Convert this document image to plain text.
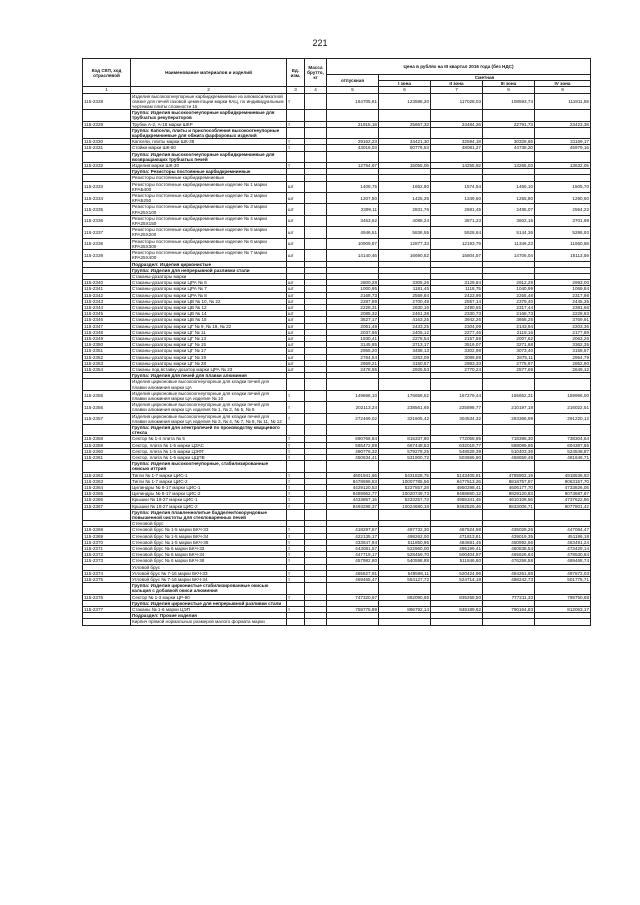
221
Код СКП, ход отраслевой	Наименование материалов и изделий	Ед. изм.	Масса брутто, кг	Цена в рублях на III квартал 2016 года (без НДС)				
				отпускная	Сметная			
					I зона	II зона	III зона	IV зона
1	2	3	4	5	6	7	8	9
115-2328	Изделия высокоогнеупорные карбидкремниевые из алюмосиликатной связке для печей газовой цементации марки КАЦ, по индивидуальным чертежам плиты сложности 15	т		164705,81	123588,20	117028,03	108593,74	111911,58
	Группа: Изделия высокоогнеупорные карбидкремниевые для трубчатых рекуператоров							
115-2329	Трубки А-2, А-18 марки ШКР	т		21915,18	25667,32	24484,26	22791,73	23423,38
	Группа: Капсели, плиты и приспособления высокоогнеупорные карбидкремниевые для обжига фарфоровых изделий							
115-2330	Капсели, плиты марки ШК-38	т		29162,23	34421,30	32594,18	30328,65	31169,17
115-2331	Стойки марки ШК-50	т		43016,03	50776,53	48081,27	44738,20	45979,16
	Группа: Изделия высокоогнеупорные карбидкремниевые для возвращающих трубчатых печей							
115-2332	Изделия марки ШК-30	т		12754,67	15055,05	14255,92	13265,03	13632,05
	Группа: Резисторы постоянные карбидкремниевые							
	Резисторы постоянные карбидкремниевые							
115-2333	Резисторы постоянные карбидкремниевые изделие № 1 марки КРАБ400	шт		1408,75	1662,80	1574,54	1465,10	1505,70
115-2334	Резисторы постоянные карбидкремниевые изделие № 2 марки КРАБ250	шт		1207,50	1425,26	1349,60	1255,80	1290,60
115-2335	Резисторы постоянные карбидкремниевые изделие № 3 марки КРА25Х100	шт		2399,11	2831,76	2681,45	2495,07	2564,22
115-2336	Резисторы постоянные карбидкремниевые изделие № 4 марки КРА25Х150	шт		3453,62	4088,24	3871,23	3602,15	3701,98
115-2337	Резисторы постоянные карбидкремниевые изделие № 5 марки КРА25Х200	шт		4946,51	5836,55	5528,64	5144,36	5286,93
115-2338	Резисторы постоянные карбидкремниевые изделие № 6 марки КРА25Х300	шт		10909,87	12877,33	12193,79	11346,23	11660,68
115-2339	Резисторы постоянные карбидкремниевые изделие № 7 марки КРА25Х400	шт		14140,46	16690,52	15804,57	14706,04	15113,59
	Подраздел: Изделия цирконистые							
	Группа: Изделия для непрерывной разливки стали							
	Стаканы-дозаторы марки							
115-2340	Стаканы-дозаторы марки ЦРА № 6	шт		2800,28	3305,26	3129,84	2912,29	2993,00
115-2341	Стаканы-дозаторы марки ЦРА № 7	шт		1000,95	1181,45	1118,75	1040,99	1069,84
115-2342	Стаканы-дозаторы марки ЦРА № 8	шт		2168,73	2559,84	2423,96	2255,48	2317,98
115-2343	Стаканы-дозаторы марки ЦВ № 10, № 22	шт		2287,89	2700,49	2557,14	2379,40	2445,35
115-2344	Стаканы-дозаторы марки ЦВ № 12	шт		2228,31	2630,16	2490,55	2317,44	2381,66
115-2345	Стаканы-дозаторы марки ЦВ № 14	шт		2085,32	2461,38	2330,73	2168,73	2228,83
115-2346	Стаканы-дозаторы марки ЦВ № 15	шт		3527,17	4163,25	3942,26	3668,25	3769,91
115-2347	Стаканы-дозаторы марки ЦГ № 9, № 18, № 22	шт		2061,49	2433,25	2304,09	2143,94	2203,36
115-2348	Стаканы-дозаторы марки ЦГ № 11	шт		2037,66	2405,12	2277,46	2119,16	2177,89
115-2349	Стаканы-дозаторы марки ЦГ № 13	шт		1930,41	2278,54	2157,59	2007,62	2063,26
115-2350	Стаканы-дозаторы марки ЦГ № 15	шт		3145,85	3713,17	3516,07	3271,68	3362,35
115-2351	Стаканы-дозаторы марки ЦГ № 17	шт		2955,20	3488,13	3302,98	3073,40	3158,57
115-2352	Стаканы-дозаторы марки ЦГ № 19	шт		2764,54	3263,09	3089,89	2875,11	2954,79
115-2353	Стаканы-дозаторы марки ЦГ № 28	шт		2669,21	3150,57	2983,33	2775,97	2852,90
115-2354	Стаканы под вставку-дозатор марки ЦРА № 23	шт		2478,55	2925,53	2770,24	2577,69	2649,12
	Группа: Изделия для печей для плавки алюминия							
	Изделия цирконовые высокоогнеупорные для кладки печей для плавки алюминия марки ЦА							
115-2355	Изделия цирконовые высокоогнеупорные для кладки печей для плавки алюминия марки ЦА изделие № 10	т		149666,10	176658,52	167279,44	155652,31	159966,00
115-2356	Изделия цирконовые высокоогнеупорные для кладки печей для плавки алюминия марки ЦА изделия № 1, № 2, № 5, № 6	т		202113,24	238561,65	225898,77	210197,18	216022,51
115-2357	Изделия цирконовые высокоогнеупорные для кладки печей для плавки алюминия марки ЦА изделия № 3, № 4, № 7, № 8, № 11, № 12	т		272469,02	321605,42	304534,32	283366,99	291220,12
	Группа: Изделия для электропечей по производству кварцевого стекла							
115-2358	Сектор № 1-4 плита № 5	т		690766,84	815337,80	772058,95	718395,30	738304,64
115-2359	Сектор, плита № 1-5 марки ЦЗАС	т		565472,59	667448,53	632019,77	588089,85	604387,86
115-2360	Сектор, плита № 1-5 марки ЦЭФГ	т		490776,32	579278,25	548529,39	510403,36	524548,87
115-2361	Сектор, плита № 1-5 марки ЦЦПВ	т		450634,41	531900,72	503666,90	468659,48	481646,71
	Группа: Изделия высокоогнеупорные, стабилизированные окисью иттрия							
115-2362	Тигли № 1-7 марки ЦИС-1	т		4601941,66	5431828,75	5143405,81	4785902,19	4918536,93
115-2363	Тигли № 1-7 марки ЦИС-2	т		8478698,53	10007785,56	9477513,26	8818757,87	9063157,70
115-2364	Цилиндры № 8-17 марки ЦИС-1	т		4429120,53	5227857,28	4950298,41	4606177,70	4733826,05
115-2365	Цилиндры № 8-17 марки ЦИС-2	т		8489962,77	10020749,73	9488860,12	8829120,83	9073687,87
115-2366	Крышки № 18-27 марки ЦИС-1	т		4433857,15	5233257,73	4955341,45	4610108,56	4737622,86
115-2367	Крышки № 18-27 марки ЦИС-2	т		8493298,37	10024680,18	9492526,46	8833006,71	9077801,42
	Группа: Изделия плавленнолитые бадделеитокорундовые повышенной чистоты для стекловаренных печей							
	Стеновой брус							
115-2368	Стеновой брус № 1-5 марки БКЧ-33	т		418297,57	497732,30	467524,58	435028,26	447084,47
115-2369	Стеновой брус № 1-5 марки БКЧ-34	т		422135,17	498262,00	471813,81	439019,35	451186,18
115-2370	Стеновой брус № 1-5 марки БКЧ-38	т		433647,94	511850,95	484681,45	450992,66	463491,24
115-2371	Стеновой брус № 6 марки БКЧ-33	т		443081,57	522960,00	495199,41	460838,54	473429,14
115-2372	Стеновой брус № 6 марки БКЧ-34	т		447719,17	528459,70	500404,97	465626,64	478530,84
115-2373	Стеновой брус № 6 марки БКЧ-38	т		457982,80	540598,88	511846,60	476258,58	489468,74
	Угловой брус							
115-2374	Угловой брус № 7-16 марки БКЧ-33	т		465627,91	549598,11	520424,96	484251,68	497672,03
115-2375	Угловой брус № 7-16 марки БКЧ-34	т		469465,47	554127,72	524714,18	488242,73	501775,71
	Группа: Изделия цирконистые стабилизированные окисью кальция с добавкой окиси алюминия							
115-2376	Сектор № 1-3 марки ЦР-90	т		747320,67	882090,65	835268,50	777211,33	798750,68
	Группа: Изделия цирконистые для непрерывной разливки стали							
115-2377	Стаканы № 1-6 марки ЦЭП	т		759775,99	896792,14	849189,62	790164,83	812063,17
	Подраздел: Прочие изделия							
	Кирпич прямой нормальных размеров малого формата марки							
